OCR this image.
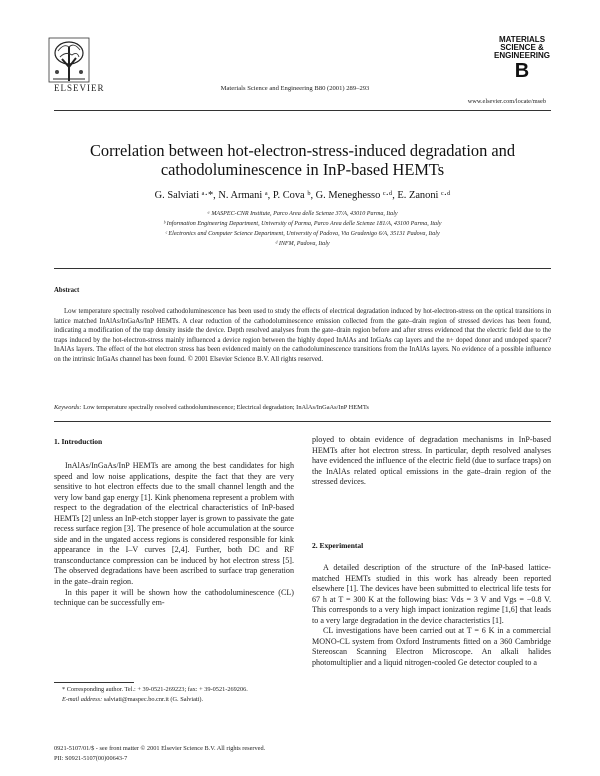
ELSEVIER	Materials Science and Engineering B80 (2001) 289–293
www.elsevier.com/locate/mseb
MATERIALS
SCIENCE &
ENGINEERING
B
Correlation between hot-electron-stress-induced degradation and cathodoluminescence in InP-based HEMTs
G. Salviati ᵃ·*, N. Armani ᵃ, P. Cova ᵇ, G. Meneghesso ᶜ·ᵈ, E. Zanoni ᶜ·ᵈ
ᵃ MASPEC-CNR Institute, Parco Area delle Scienze 37/A, 43010 Parma, Italy
ᵇ Information Engineering Department, University of Parma, Parco Area delle Scienze 181/A, 43100 Parma, Italy
ᶜ Electronics and Computer Science Department, University of Padova, Via Gradenigo 6/A, 35131 Padova, Italy
ᵈ INFM, Padova, Italy
Abstract
Low temperature spectrally resolved cathodoluminescence has been used to study the effects of electrical degradation induced by hot-electron-stress on the optical transitions in lattice matched InAlAs/InGaAs/InP HEMTs. A clear reduction of the cathodoluminescence emission collected from the gate–drain region of stressed devices has been found, indicating a modification of the trap density inside the device. Depth resolved analyses from the gate–drain region before and after stress evidenced that the electric field due to the traps induced by the hot-electron-stress mainly influenced a device region between the highly doped InAlAs and InGaAs cap layers and the n+ doped donor and undoped spacer? InAlAs layers. The effect of the hot electron stress has been evidenced mainly on the cathodoluminescence transitions from the InAlAs layers. No evidence of a possible influence on the intrinsic InGaAs channel has been found. © 2001 Elsevier Science B.V. All rights reserved.
Keywords: Low temperature spectrally resolved cathodoluminescence; Electrical degradation; InAlAs/InGaAs/InP HEMTs
1. Introduction

InAlAs/InGaAs/InP HEMTs are among the best candidates for high speed and low noise applications, despite the fact that they are very sensitive to hot electron effects due to the small channel length and the very low band gap energy [1]. Kink phenomena represent a problem with respect to the degradation of the electrical characteristics of InP-based HEMTs [2] unless an InP-etch stopper layer is grown to passivate the gate recess surface region [3]. The presence of hole accumulation at the source side and in the ungated access regions is considered responsible for kink appearance in the I–V curves [2,4]. Further, both DC and RF transconductance compression can be induced by hot electron stress [5]. The observed degradations have been ascribed to surface trap generation in the gate–drain region.

In this paper it will be shown how the cathodoluminescence (CL) technique can be successfully em-

* Corresponding author. Tel.: + 39-0521-269223; fax: + 39-0521-269206.
E-mail address: salviati@maspec.bo.cnr.it (G. Salviati).

ployed to obtain evidence of degradation mechanisms in InP-based HEMTs after hot electron stress. In particular, depth resolved analyses have evidenced the influence of the electric field (due to surface traps) on the InAlAs related optical emissions in the gate–drain region of the stressed devices.

2. Experimental

A detailed description of the structure of the InP-based lattice-matched HEMTs studied in this work has already been reported elsewhere [1]. The devices have been submitted to electrical life tests for 67 h at T = 300 K at the following bias: Vds = 3 V and Vgs = −0.8 V. This corresponds to a very high impact ionization regime [1,6] that leads to a very large degradation in the device characteristics [1].

CL investigations have been carried out at T = 6 K in a commercial MONO-CL system from Oxford Instruments fitted on a 360 Cambridge Stereoscan Scanning Electron Microscope. An alkali halides photomultiplier and a liquid nitrogen-cooled Ge detector coupled to a

0921-5107/01/$ - see front matter © 2001 Elsevier Science B.V. All rights reserved.
PII: S0921-5107(00)00643-7
